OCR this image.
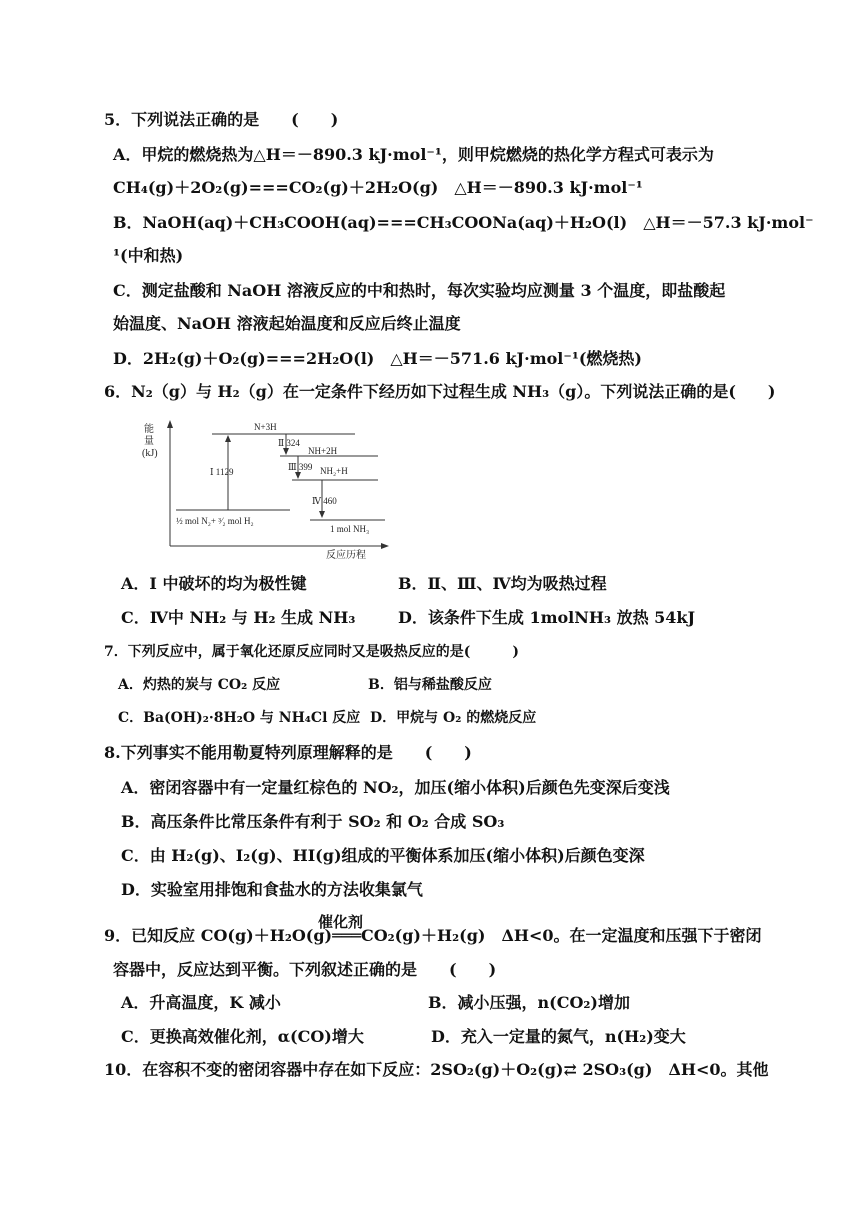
5．下列说法正确的是　　(　　)
A．甲烷的燃烧热为△H＝－890.3 kJ·mol⁻¹，则甲烷燃烧的热化学方程式可表示为
CH₄(g)＋2O₂(g)===CO₂(g)＋2H₂O(g)　△H＝－890.3 kJ·mol⁻¹
B．NaOH(aq)＋CH₃COOH(aq)===CH₃COONa(aq)＋H₂O(l)　△H＝－57.3 kJ·mol⁻
¹(中和热)
C．测定盐酸和 NaOH 溶液反应的中和热时，每次实验均应测量 3 个温度，即盐酸起
始温度、NaOH 溶液起始温度和反应后终止温度
D．2H₂(g)＋O₂(g)===2H₂O(l)　△H＝－571.6 kJ·mol⁻¹(燃烧热)
6．N₂（g）与 H₂（g）在一定条件下经历如下过程生成 NH₃（g）。下列说法正确的是(　　)
能
量
(kJ)
反应历程
N+3H
½ mol N₂+ ³⁄₂ mol H₂
Ⅰ 1129
Ⅱ 324
NH+2H
Ⅲ 399 NH₂+H
Ⅳ 460
1 mol NH₃
A．I 中破坏的均为极性键	B．Ⅱ、Ⅲ、Ⅳ均为吸热过程
C．Ⅳ中 NH₂ 与 H₂ 生成 NH₃	D．该条件下生成 1molNH₃ 放热 54kJ
7．下列反应中，属于氧化还原反应同时又是吸热反应的是(　　　)
A．灼热的炭与 CO₂ 反应	B．铝与稀盐酸反应
C．Ba(OH)₂·8H₂O 与 NH₄Cl 反应 D．甲烷与 O₂ 的燃烧反应
8.下列事实不能用勒夏特列原理解释的是　　(　　)
A．密闭容器中有一定量红棕色的 NO₂，加压(缩小体积)后颜色先变深后变浅
B．高压条件比常压条件有利于 SO₂ 和 O₂ 合成 SO₃
C．由 H₂(g)、I₂(g)、HI(g)组成的平衡体系加压(缩小体积)后颜色变深
D．实验室用排饱和食盐水的方法收集氯气
催化剂
9．已知反应 CO(g)＋H₂O(g)═══CO₂(g)＋H₂(g)　ΔH<0。在一定温度和压强下于密闭
容器中，反应达到平衡。下列叙述正确的是　　(　　)
A．升高温度，K 减小	B．减小压强，n(CO₂)增加
C．更换高效催化剂，α(CO)增大	D．充入一定量的氮气，n(H₂)变大
10．在容积不变的密闭容器中存在如下反应：2SO₂(g)＋O₂(g)⇄ 2SO₃(g)　ΔH<0。其他
